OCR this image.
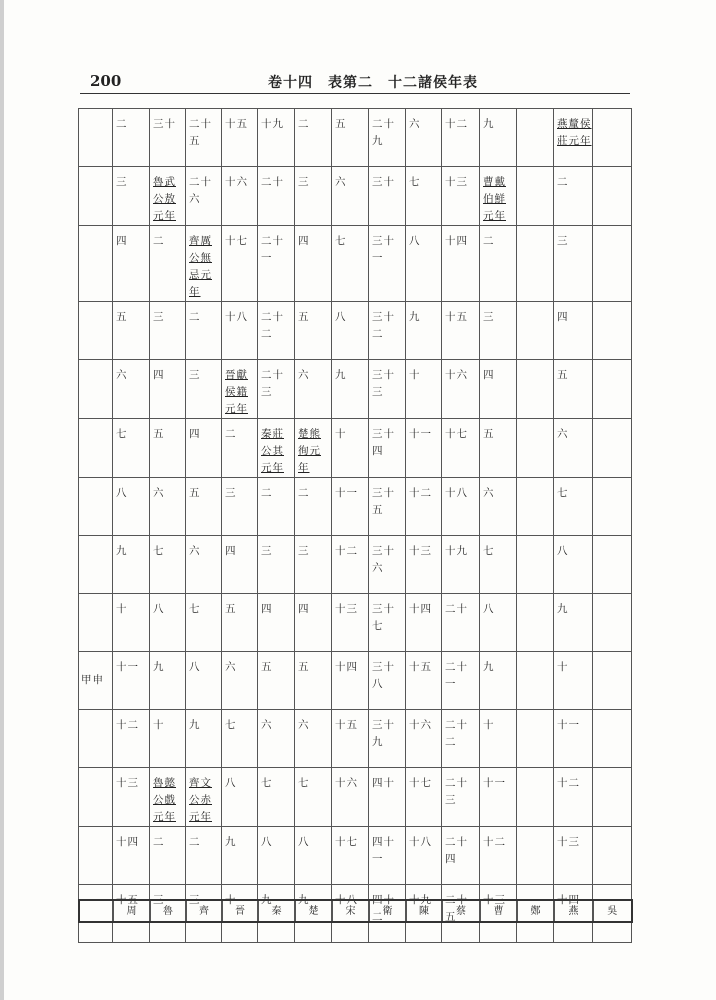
200	卷十四　表第二　十二諸侯年表
	二	三十	二十五	十五	十九	二	五	二十九	六	十二	九		燕釐侯莊元年	
	三	魯武公敖元年	二十六	十六	二十	三	六	三十	七	十三	曹戴伯鮮元年		二	
	四	二	齊厲公無忌元年	十七	二十一	四	七	三十一	八	十四	二		三	
	五	三	二	十八	二十二	五	八	三十二	九	十五	三		四	
	六	四	三	晉獻侯籍元年	二十三	六	九	三十三	十	十六	四		五	
	七	五	四	二	秦莊公其元年	楚熊徇元年	十	三十四	十一	十七	五		六	
	八	六	五	三	二	二	十一	三十五	十二	十八	六		七	
	九	七	六	四	三	三	十二	三十六	十三	十九	七		八	
	十	八	七	五	四	四	十三	三十七	十四	二十	八		九	
甲申	十一	九	八	六	五	五	十四	三十八	十五	二十一	九		十	
	十二	十	九	七	六	六	十五	三十九	十六	二十二	十		十一	
	十三	魯懿公戲元年	齊文公赤元年	八	七	七	十六	四十	十七	二十三	十一		十二	
	十四	二	二	九	八	八	十七	四十一	十八	二十四	十二		十三	
	十五	三	三	十	九	九	十八	四十二	十九	二十五	十三		十四	
	周	魯	齊	晉	秦	楚	宋	衛	陳	蔡	曹	鄭	燕	吳
